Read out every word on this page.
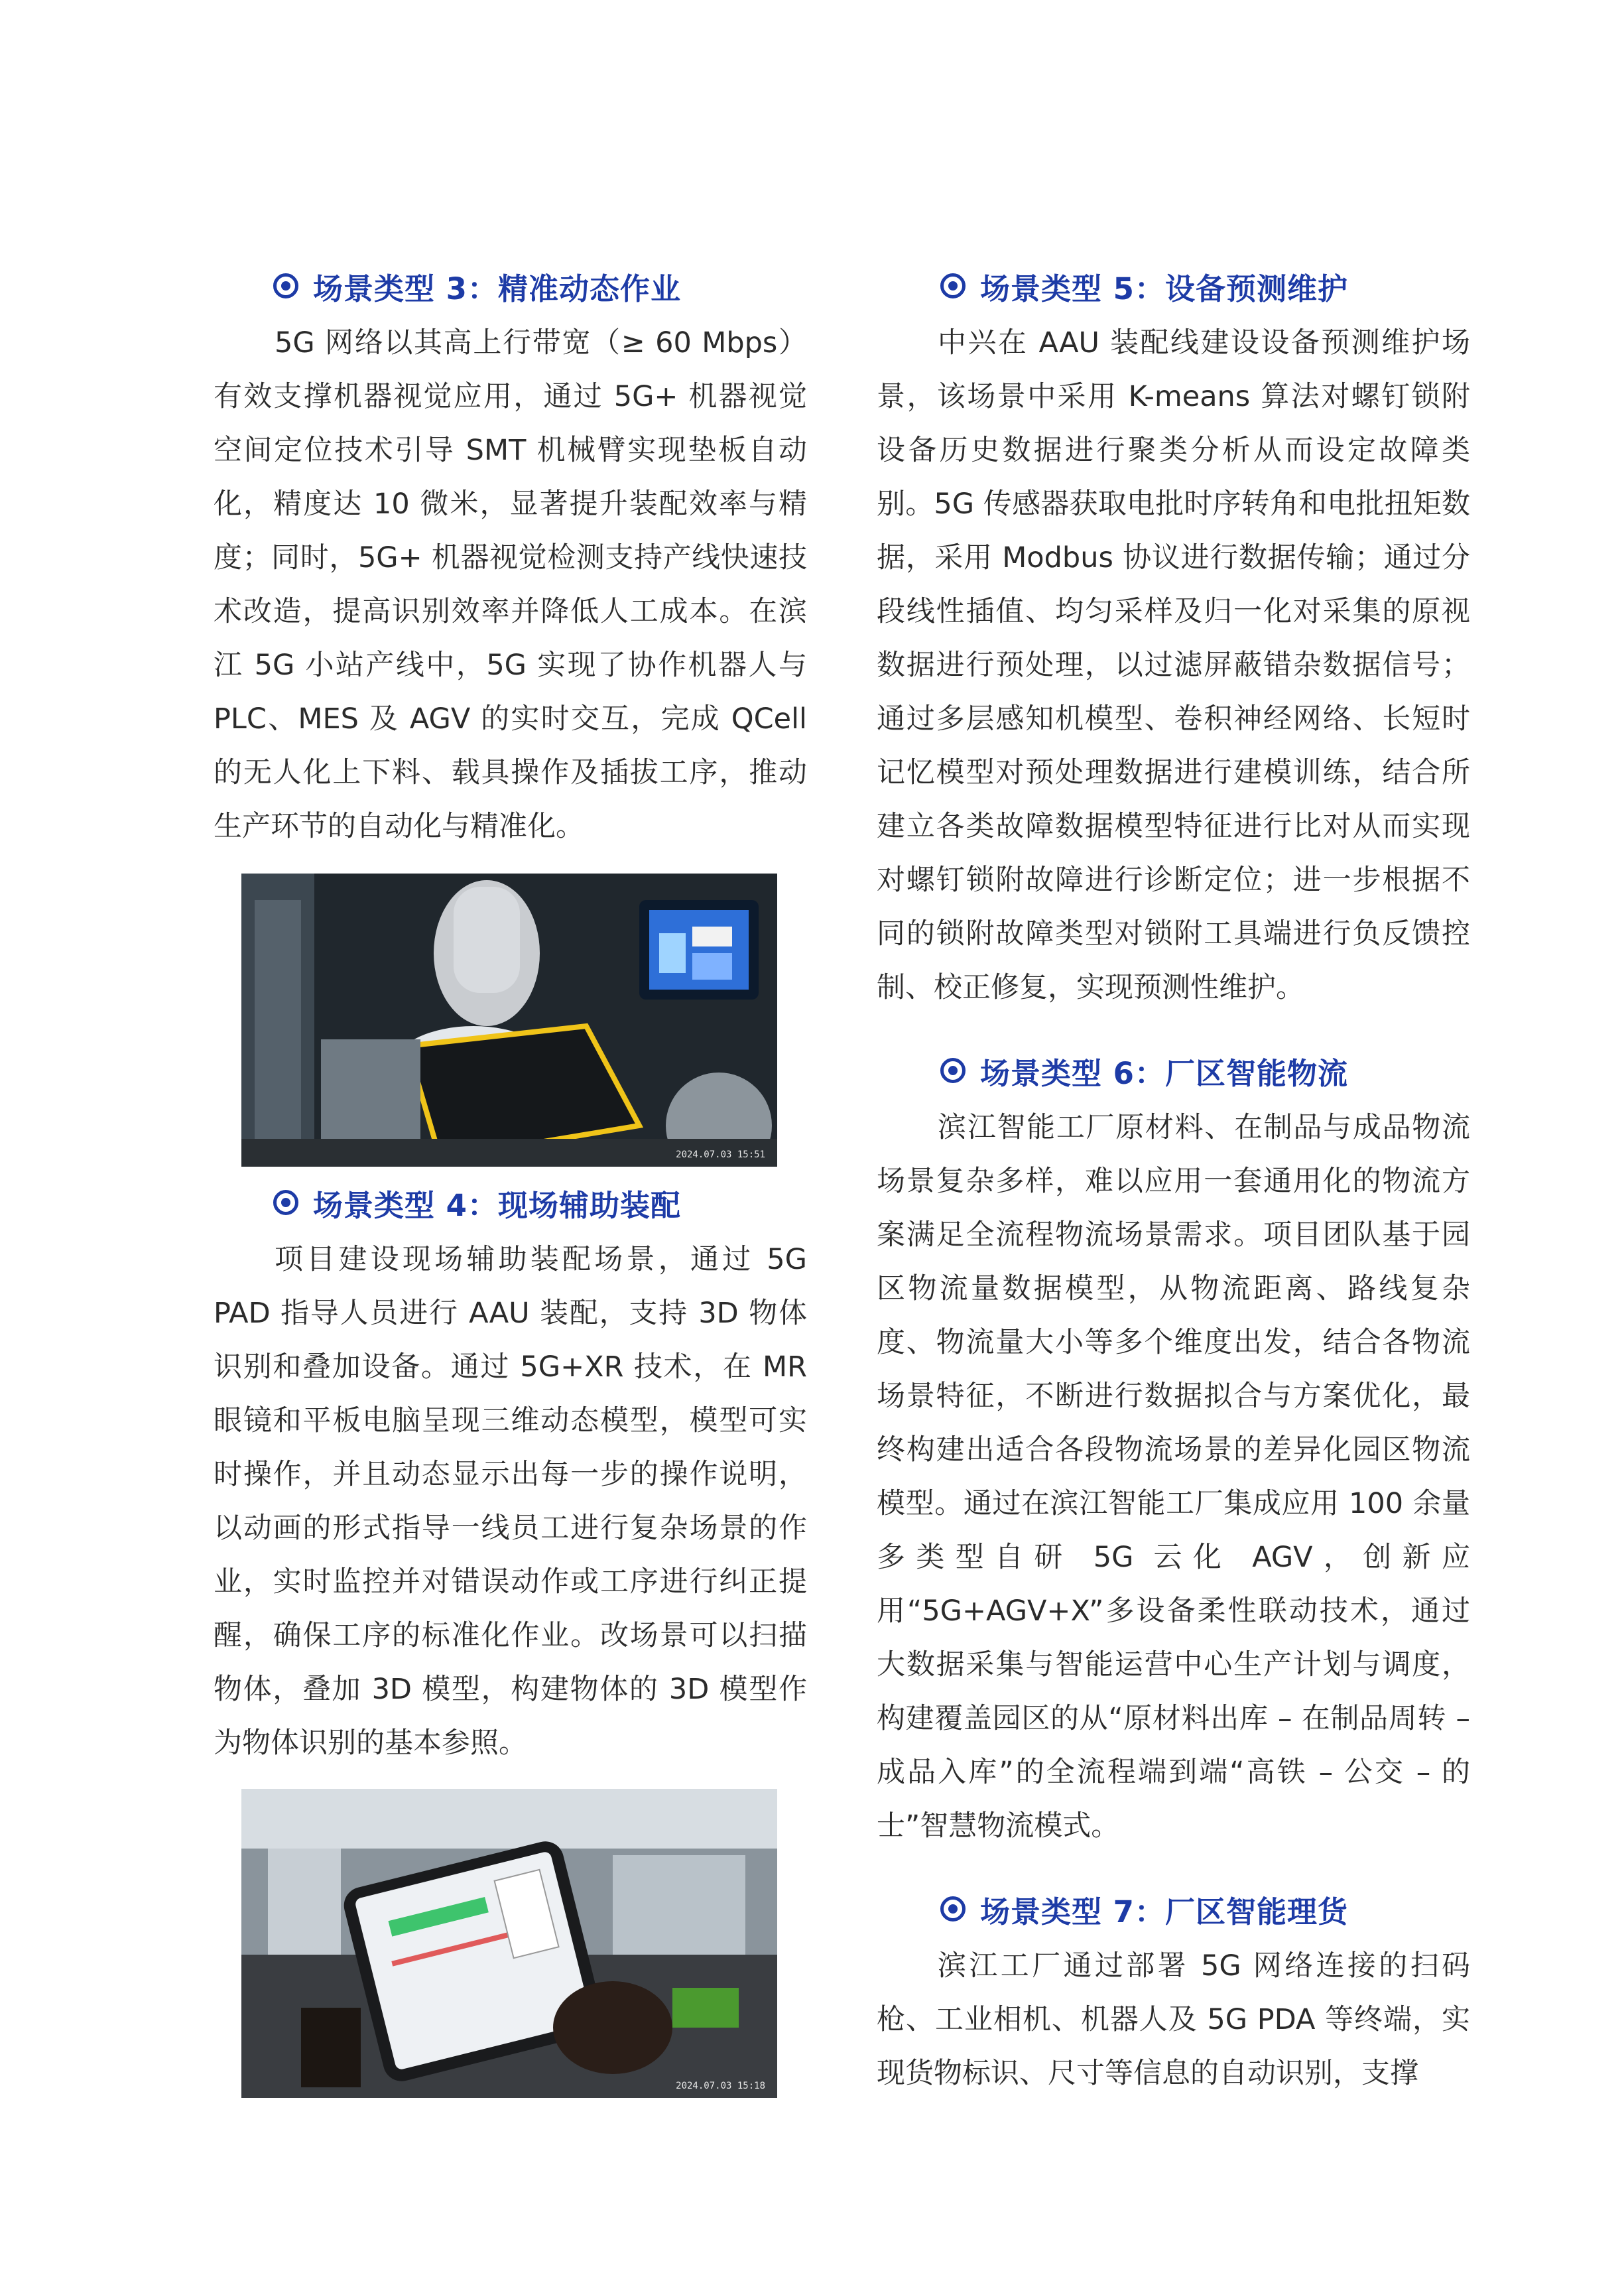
场景类型 3：精准动态作业

5G 网络以其高上行带宽（≥ 60 Mbps）有效支撑机器视觉应用，通过 5G+ 机器视觉空间定位技术引导 SMT 机械臂实现垫板自动化，精度达 10 微米，显著提升装配效率与精度；同时，5G+ 机器视觉检测支持产线快速技术改造，提高识别效率并降低人工成本。在滨江 5G 小站产线中，5G 实现了协作机器人与 PLC、MES 及 AGV 的实时交互，完成 QCell 的无人化上下料、载具操作及插拔工序，推动生产环节的自动化与精准化。

2024.07.03 15:51
场景类型 4：现场辅助装配

项目建设现场辅助装配场景，通过 5G PAD 指导人员进行 AAU 装配，支持 3D 物体识别和叠加设备。通过 5G+XR 技术，在 MR 眼镜和平板电脑呈现三维动态模型，模型可实时操作，并且动态显示出每一步的操作说明，以动画的形式指导一线员工进行复杂场景的作业，实时监控并对错误动作或工序进行纠正提醒，确保工序的标准化作业。改场景可以扫描物体，叠加 3D 模型，构建物体的 3D 模型作为物体识别的基本参照。

2024.07.03 15:18
场景类型 5：设备预测维护

中兴在 AAU 装配线建设设备预测维护场景，该场景中采用 K-means 算法对螺钉锁附设备历史数据进行聚类分析从而设定故障类别。5G 传感器获取电批时序转角和电批扭矩数据，采用 Modbus 协议进行数据传输；通过分段线性插值、均匀采样及归一化对采集的原视数据进行预处理，以过滤屏蔽错杂数据信号；通过多层感知机模型、卷积神经网络、长短时记忆模型对预处理数据进行建模训练，结合所建立各类故障数据模型特征进行比对从而实现对螺钉锁附故障进行诊断定位；进一步根据不同的锁附故障类型对锁附工具端进行负反馈控制、校正修复，实现预测性维护。

场景类型 6：厂区智能物流

滨江智能工厂原材料、在制品与成品物流场景复杂多样，难以应用一套通用化的物流方案满足全流程物流场景需求。项目团队基于园区物流量数据模型，从物流距离、路线复杂度、物流量大小等多个维度出发，结合各物流场景特征，不断进行数据拟合与方案优化，最终构建出适合各段物流场景的差异化园区物流模型。通过在滨江智能工厂集成应用 100 余量多类型自研 5G 云化 AGV，创新应用“5G+AGV+X”多设备柔性联动技术，通过大数据采集与智能运营中心生产计划与调度，构建覆盖园区的从“原材料出库 – 在制品周转 – 成品入库”的全流程端到端“高铁 – 公交 – 的士”智慧物流模式。

场景类型 7：厂区智能理货

滨江工厂通过部署 5G 网络连接的扫码枪、工业相机、机器人及 5G PDA 等终端，实现货物标识、尺寸等信息的自动识别，支撑
